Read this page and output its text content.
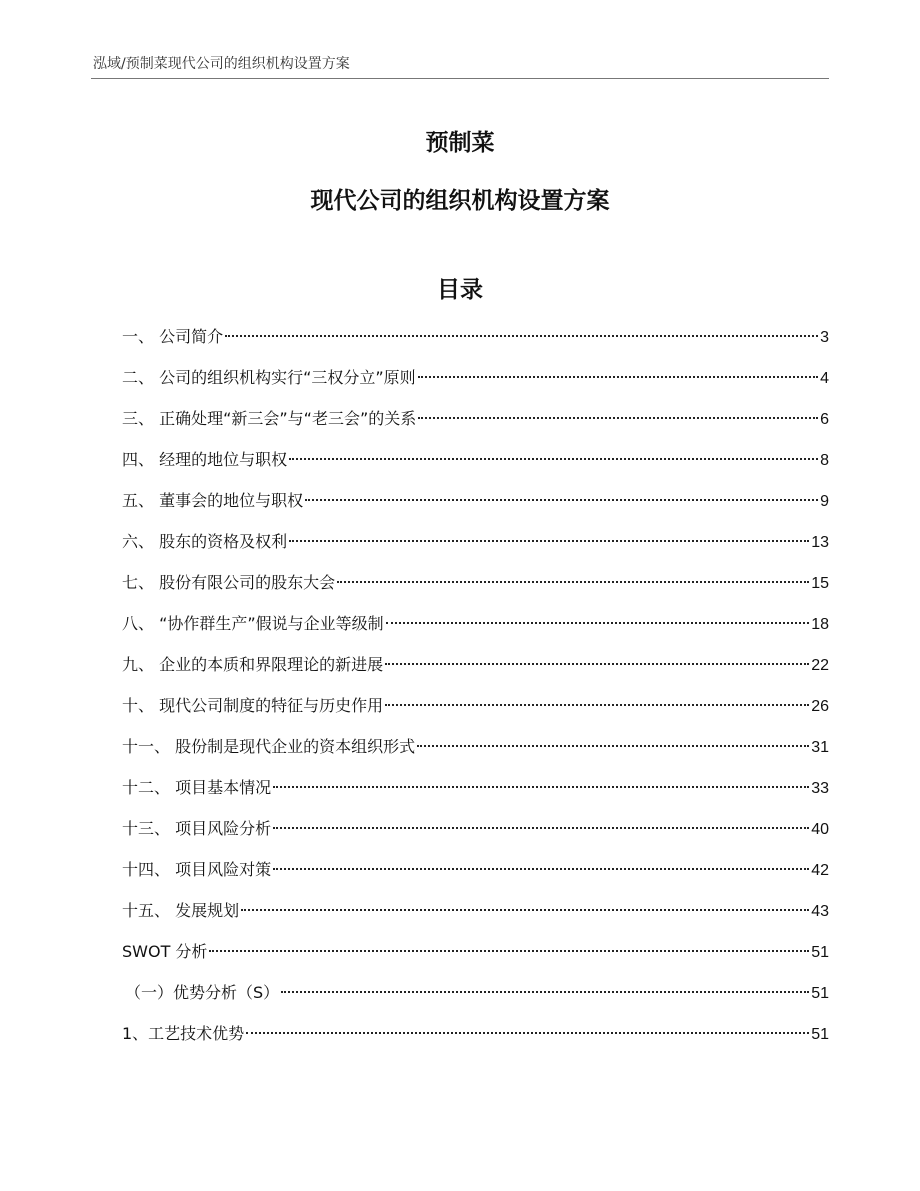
泓域/预制菜现代公司的组织机构设置方案
预制菜
现代公司的组织机构设置方案
目录
一、 公司简介	3
二、 公司的组织机构实行“三权分立”原则	4
三、 正确处理“新三会”与“老三会”的关系	6
四、 经理的地位与职权	8
五、 董事会的地位与职权	9
六、 股东的资格及权利	13
七、 股份有限公司的股东大会	15
八、 “协作群生产”假说与企业等级制	18
九、 企业的本质和界限理论的新进展	22
十、 现代公司制度的特征与历史作用	26
十一、 股份制是现代企业的资本组织形式	31
十二、 项目基本情况	33
十三、 项目风险分析	40
十四、 项目风险对策	42
十五、 发展规划	43
SWOT 分析	51
（一）优势分析（S）	51
1、工艺技术优势	51
